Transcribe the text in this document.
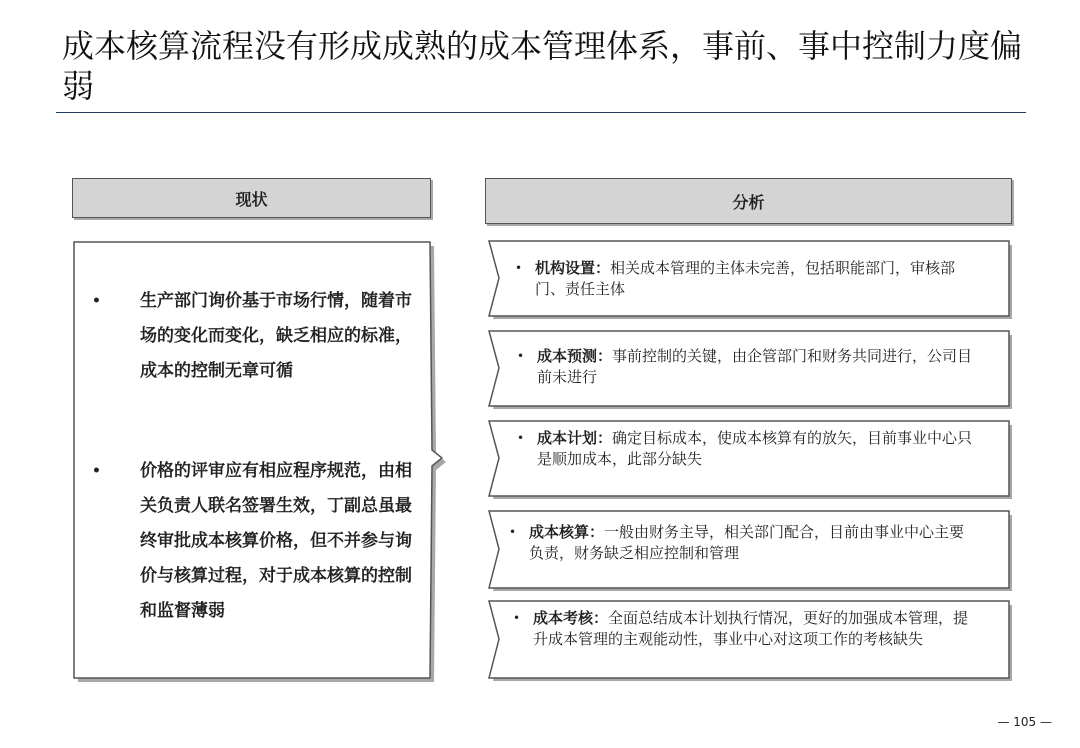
成本核算流程没有形成成熟的成本管理体系，事前、事中控制力度偏弱
现状	分析
• 生产部门询价基于市场行情，随着市场的变化而变化，缺乏相应的标准，成本的控制无章可循
• 价格的评审应有相应程序规范，由相关负责人联名签署生效，丁副总虽最终审批成本核算价格，但不并参与询价与核算过程，对于成本核算的控制和监督薄弱
• 机构设置：相关成本管理的主体未完善，包括职能部门，审核部门、责任主体
• 成本预测：事前控制的关键，由企管部门和财务共同进行，公司目前未进行
• 成本计划：确定目标成本，使成本核算有的放矢，目前事业中心只是顺加成本，此部分缺失
• 成本核算：一般由财务主导，相关部门配合，目前由事业中心主要负责，财务缺乏相应控制和管理
• 成本考核：全面总结成本计划执行情况，更好的加强成本管理，提升成本管理的主观能动性，事业中心对这项工作的考核缺失
— 105 —
